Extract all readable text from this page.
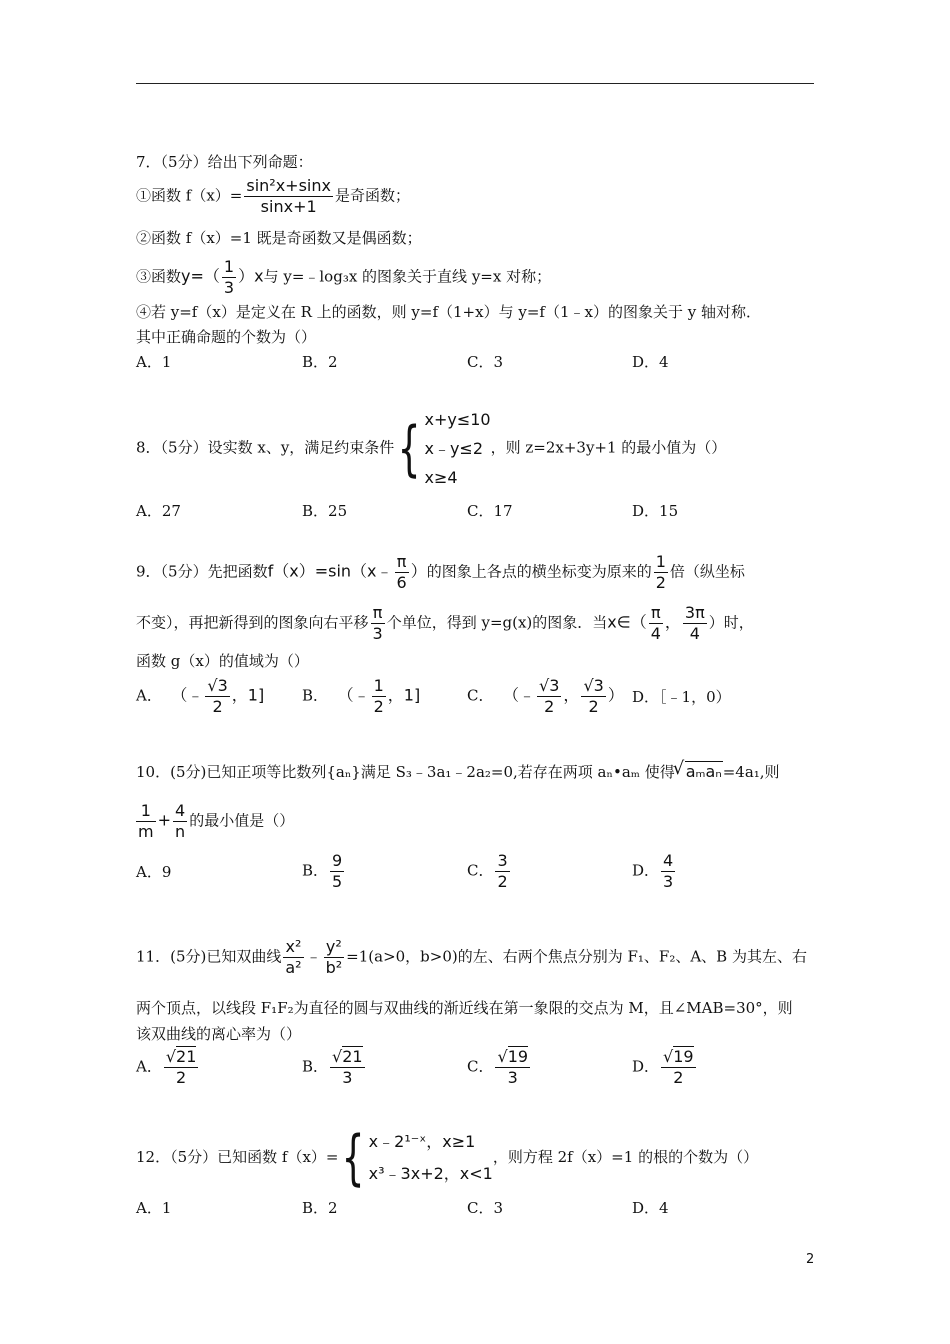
7．（5分）给出下列命题：
①函数 $f(x)= \frac{\text{sin²x+sinx}}{\sin x+1}$ 是奇函数；
②函数 f（x）=1 既是奇函数又是偶函数；
③函数$y=( \frac{1}{3} )x$与 y=﹣log₃x 的图象关于直线 y=x 对称；
④若 y=f（x）是定义在 R 上的函数，则 y=f（1+x）与 y=f（1﹣x）的图象关于 y 轴对称．
其中正确命题的个数为（）
A．1	B．2	C．3	D．4
8．（5分）设实数 x、y，满足约束条件{ x+y≤10
x﹣y≤2
x≥4
，则 z=2x+3y+1 的最小值为（）
A．27	B．25	C．17	D．15
9．（5分）先把函数f（x）=sin（x﹣ $\frac{\pi}{6}$ ）的图象上各点的横坐标变为原来的 $\frac{1}{2}$ 倍（纵坐标
不变），再把新得到的图象向右平移 $\frac{\pi}{3}$ 个单位，得到 y=g(x)的图象．当x∈（ $\frac{\pi}{4}$ ， $\frac{3\pi}{4}$ ）时，
函数 g（x）的值域为（）
A． （﹣ $\frac{√3}{2}$ ，1]	B． （﹣ $\frac{1}{2}$ ，1]	C． （﹣ $\frac{√3}{2}$ ， $\frac{√3}{2}$ ） D．［﹣1，0）
10．(5分)已知正项等比数列{aₙ}满足 S₃﹣3a₁﹣2a₂=0,若存在两项 aₙ•aₘ 使得√ aₘaₙ=4a₁,则
$\frac{1}{m} + \frac{4}{n}$ 的最小值是（）
A．9	B． $\frac{9}{5}$	C． $\frac{3}{2}$	D． $\frac{4}{3}$
11．(5分)已知双曲线 $\frac{\text{x²}}{\text{a²}}$ ﹣ $\frac{\text{y²}}{\text{b²}} =1(a>0$，b>0)的左、右两个焦点分别为 F₁、F₂、A、B 为其左、右
两个顶点，以线段 F₁F₂为直径的圆与双曲线的渐近线在第一象限的交点为 M，且∠MAB=30°，则
该双曲线的离心率为（）
A． $\frac{√21}{2}$	B． $\frac{√21}{3}$	C． $\frac{√19}{3}$	D． $\frac{√19}{2}$
12．（5分）已知函数 f（x）={ x﹣2¹⁻ˣ，x≥1
x³﹣3x+2，x<1
，则方程 2f（x）=1 的根的个数为（）
A．1	B．2	C．3	D．4
2
